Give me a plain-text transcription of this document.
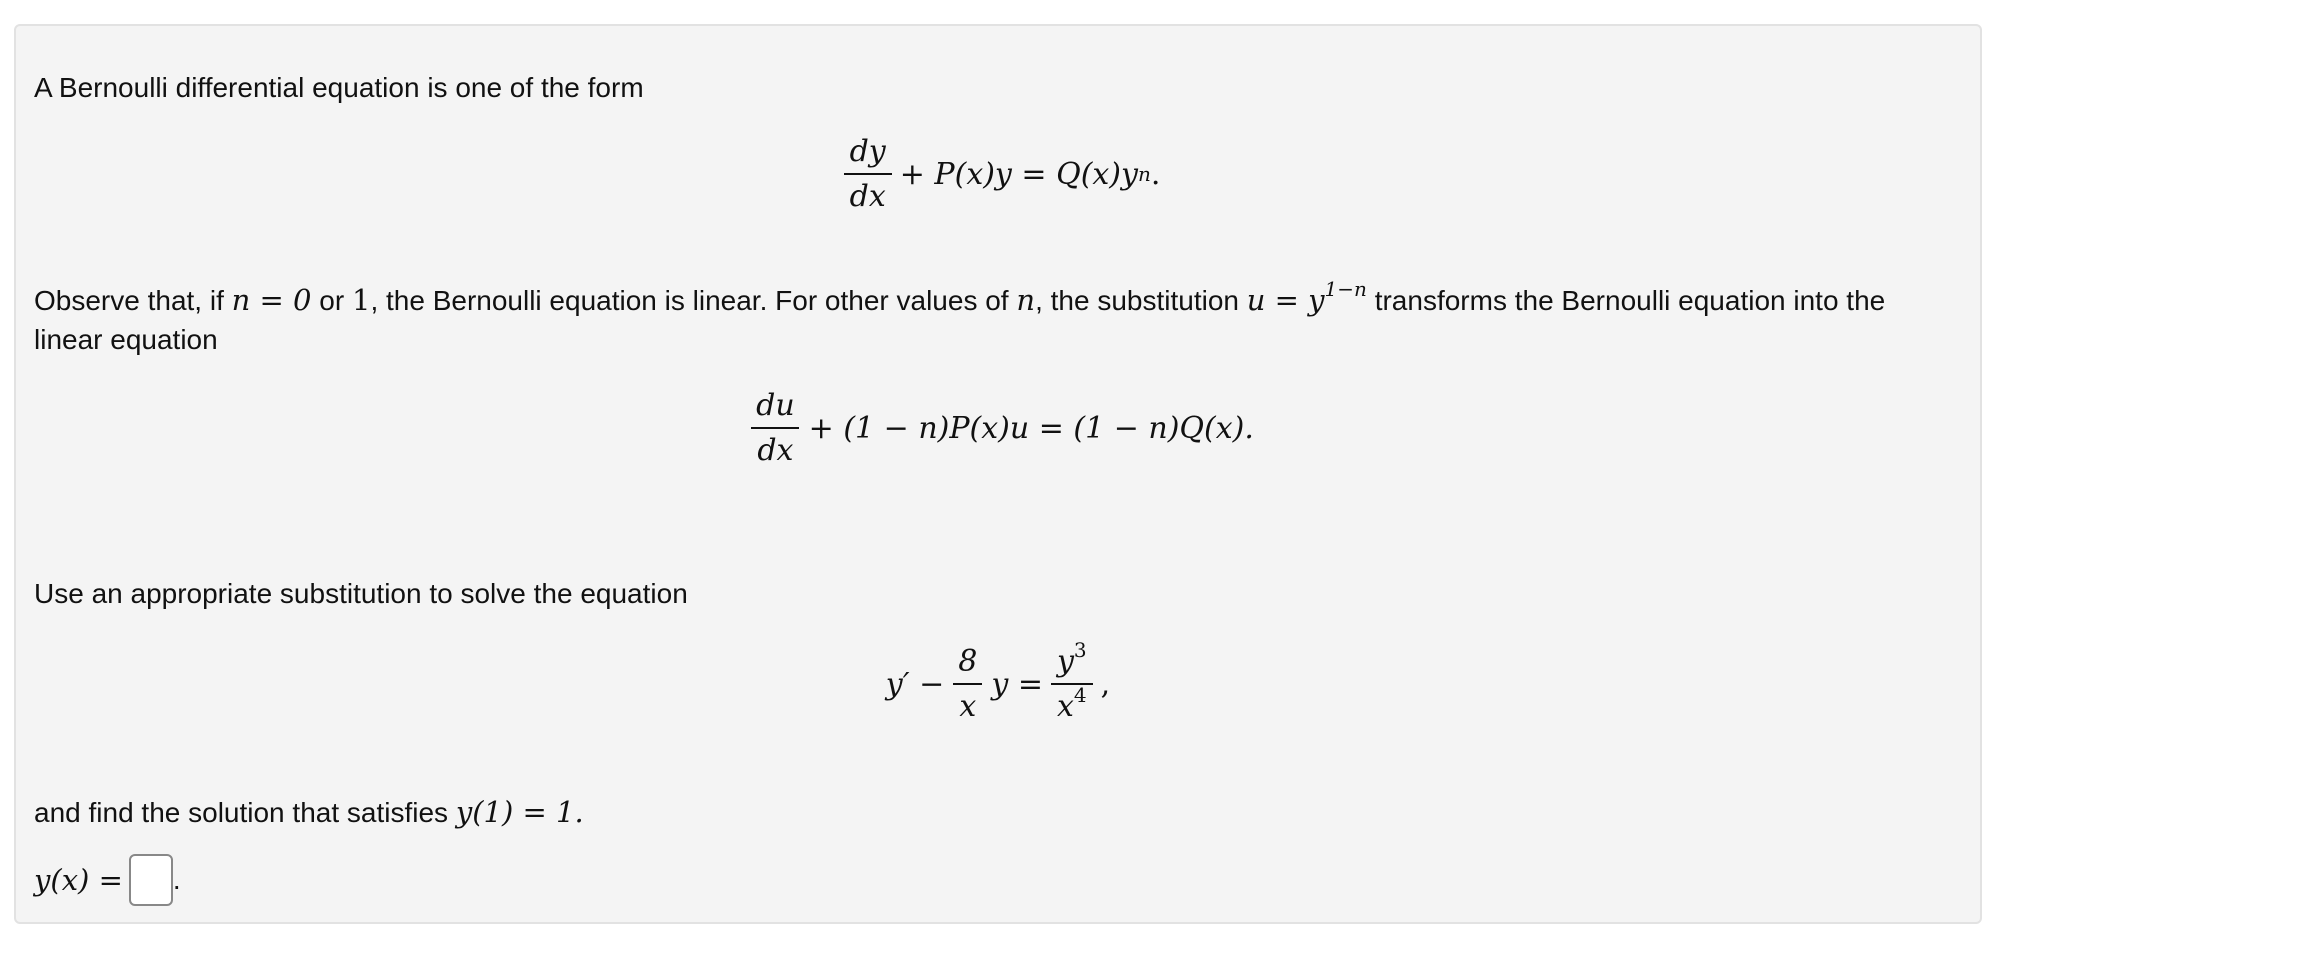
A Bernoulli differential equation is one of the form

$\frac{dy}{dx} + P(x)y = Q(x)y$ n .

Observe that, if n = 0 or 1, the Bernoulli equation is linear. For other values of n, the substitution $u = y^{1-n}$ transforms the Bernoulli equation into the

linear equation

$\frac{du}{dx} + (1 - n)P(x)u = (1 - n)Q(x)$.

Use an appropriate substitution to solve the equation

$y' - \frac{8}{x}$ $y = \frac{y^3}{x^4}$ ,

and find the solution that satisfies y(1) = 1.

y(x) = .
